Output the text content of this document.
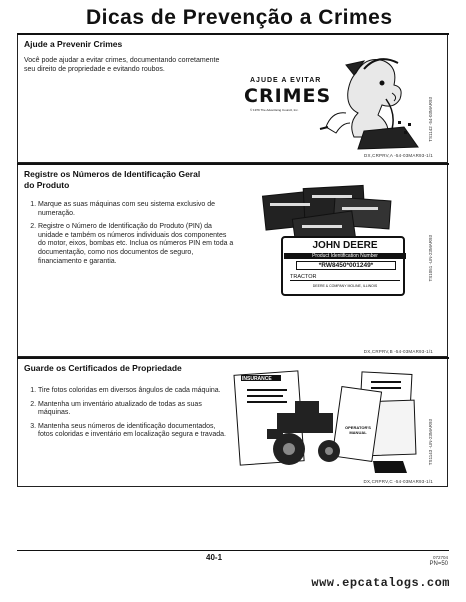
Dicas de Prevenção a Crimes
Ajude a Prevenir Crimes
Você pode ajudar a evitar crimes, documentando corretamente seu direito de propriedade e evitando roubos.
AJUDE A EVITAR
CRIMES
© 1979 The Advertising Council, Inc.	TS1142 -54-03MAR93
DX,CRPRV,A -54-03MAR93-1/1
Registre os Números de Identificação Geral
do Produto
1. Marque as suas máquinas com seu sistema exclusivo de numeração.
2. Registre o Número de Identificação do Produto (PIN) da unidade e também os números individuais dos componentes do motor, eixos, bombas etc. Inclua os números PIN em toda a documentação, como nos documentos de seguro, financiamento e garantia.
JOHN DEERE
Product Identification Number
*RW8450*001249*
TRACTOR
DEERE & COMPANY MOLINE, ILLINOIS
TS1051 -UN-23MAR93
DX,CRPRV,B -54-03MAR93-1/1
Guarde os Certificados de Propriedade
1. Tire fotos coloridas em diversos ângulos de cada máquina.
2. Mantenha um inventário atualizado de todas as suas máquinas.
3. Mantenha seus números de identificação documentados, fotos coloridas e inventário em localização segura e travada.
INSURANCE
OPERATOR'S MANUAL	TS1143 -UN-23MAR93
DX,CRPRV,C -54-03MAR93-1/1
40-1	072704
PN=50
www.epcatalogs.com
